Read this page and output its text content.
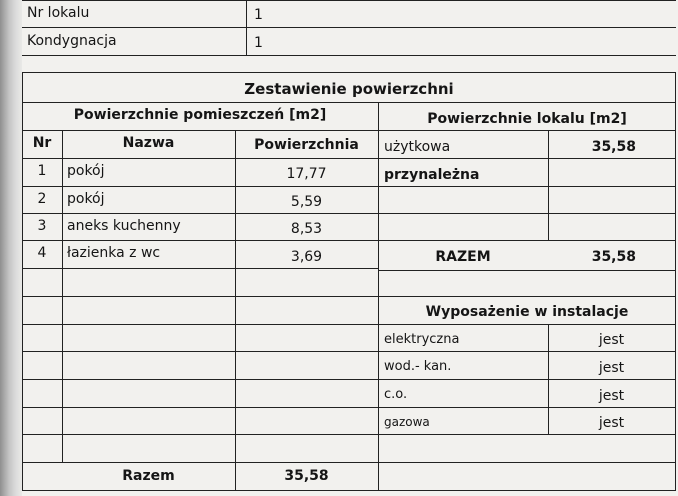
Nr lokalu	1
Kondygnacja	1
Zestawienie powierzchni
Powierzchnie pomieszczeń [m2]	Powierzchnie lokalu [m2]
Nr	Nazwa	Powierzchnia
1	pokój	17,77
2	pokój	5,59
3	aneks kuchenny	8,53
4	łazienka z wc	3,69
Razem	35,58
użytkowa	35,58
przynależna
RAZEM	35,58
Wyposażenie w instalacje
elektryczna	jest
wod.- kan.	jest
c.o.	jest
gazowa	jest
